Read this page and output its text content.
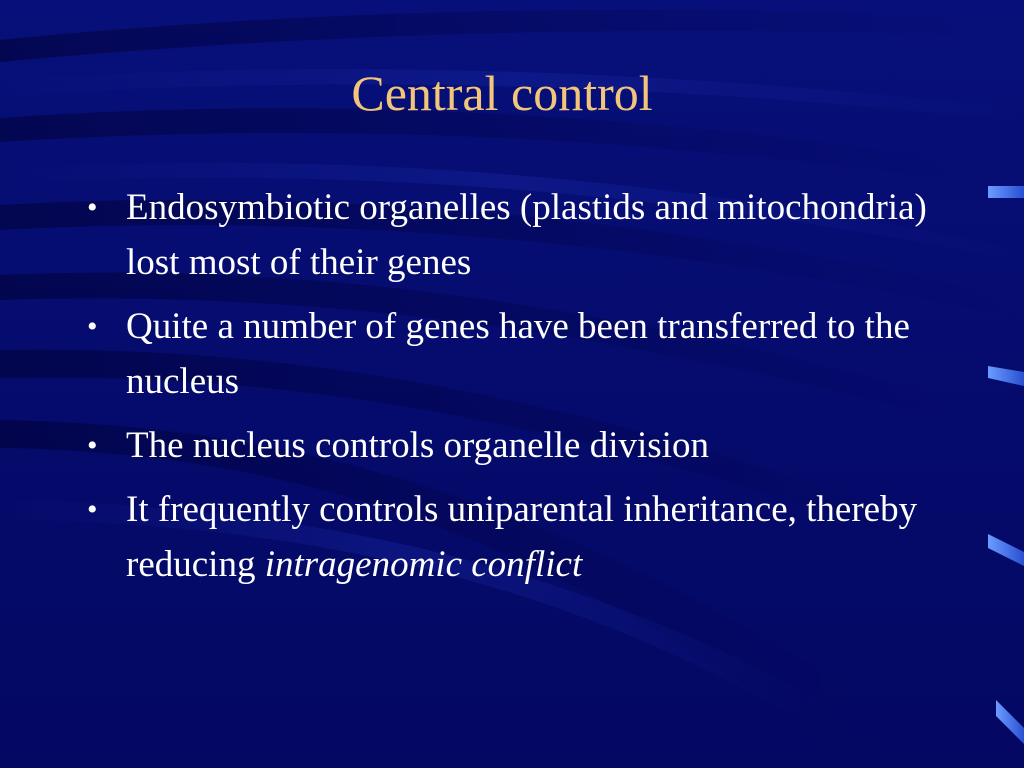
Central control
• Endosymbiotic organelles (plastids and mitochondria) lost most of their genes
• Quite a number of genes have been transferred to the nucleus
• The nucleus controls organelle division
• It frequently controls uniparental inheritance, thereby reducing intragenomic conflict
